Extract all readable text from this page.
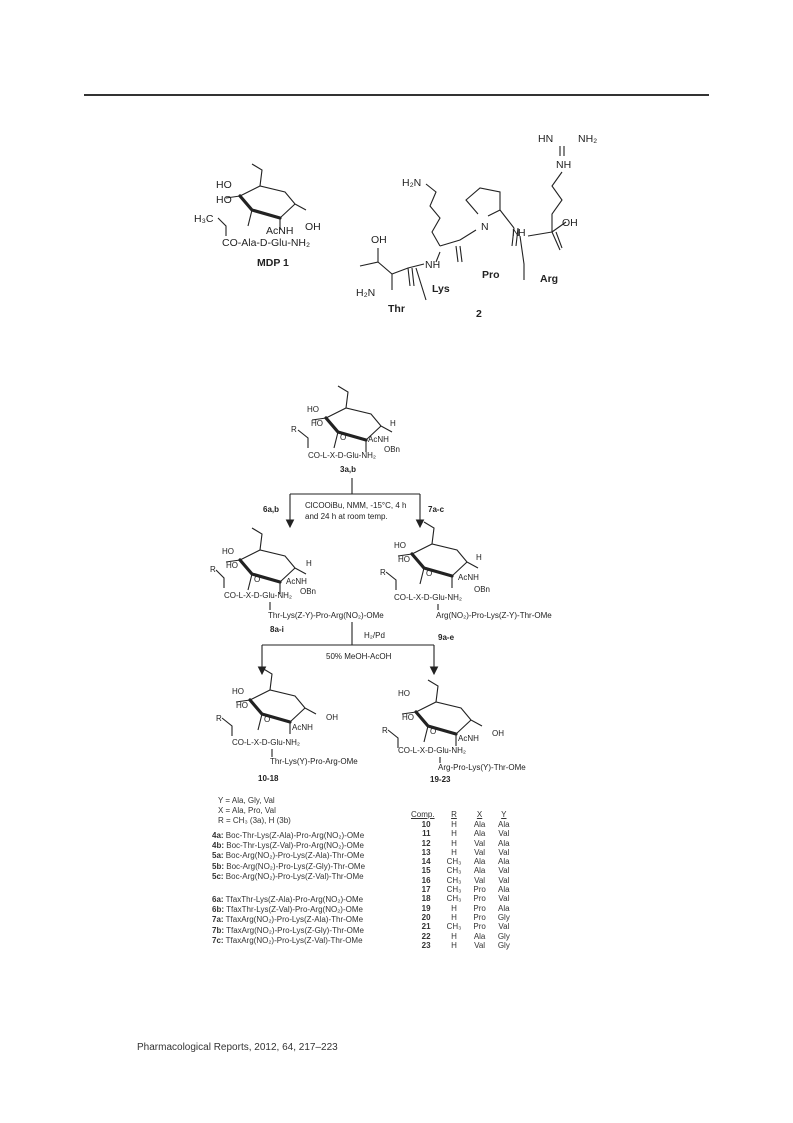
HO
HO
OH
H₃C
AcNH
CO-Ala-D-Glu-NH₂
MDP 1
HN NH₂
NH
OH
N
H
N
H₂N
NH
OH
H₂N
Thr
Lys
Pro	Arg
2
HO
HO
R
O	AcNH
H
OBn
CO-L-X-D-Glu-NH₂
3a,b
6a,b	7a-c
ClCOOiBu, NMM, -15°C, 4 h
and 24 h at room temp.
HO
HO
R
O	AcNH
H
OBn
CO-L-X-D-Glu-NH₂
Thr-Lys(Z-Y)-Pro-Arg(NO₂)-OMe
8a-i
HO
HO
R	O	AcNH
H
OBn
CO-L-X-D-Glu-NH₂
Arg(NO₂)-Pro-Lys(Z-Y)-Thr-OMe
9a-e
H₂/Pd
50% MeOH-AcOH
HO
HO
R	O
AcNH
OH
CO-L-X-D-Glu-NH₂
Thr-Lys(Y)-Pro-Arg-OMe
10-18
HO
HO
R	O
AcNH
OH
CO-L-X-D-Glu-NH₂
Arg-Pro-Lys(Y)-Thr-OMe
19-23
Y = Ala, Gly, Val
X = Ala, Pro, Val
R = CH₃ (3a), H (3b)
4a: Boc-Thr-Lys(Z-Ala)-Pro-Arg(NO₂)-OMe
4b: Boc-Thr-Lys(Z-Val)-Pro-Arg(NO₂)-OMe
5a: Boc-Arg(NO₂)-Pro-Lys(Z-Ala)-Thr-OMe
5b: Boc-Arg(NO₂)-Pro-Lys(Z-Gly)-Thr-OMe
5c: Boc-Arg(NO₂)-Pro-Lys(Z-Val)-Thr-OMe
6a: TfaxThr-Lys(Z-Ala)-Pro-Arg(NO₂)-OMe
6b: TfaxThr-Lys(Z-Val)-Pro-Arg(NO₂)-OMe
7a: TfaxArg(NO₂)-Pro-Lys(Z-Ala)-Thr-OMe
7b: TfaxArg(NO₂)-Pro-Lys(Z-Gly)-Thr-OMe
7c: TfaxArg(NO₂)-Pro-Lys(Z-Val)-Thr-OMe
Comp.	R	X	Y
10	H	Ala	Ala
11	H	Ala	Val
12	H	Val	Ala
13	H	Val	Val
14	CH₃	Ala	Ala
15	CH₃	Ala	Val
16	CH₃	Val	Val
17	CH₃	Pro	Ala
18	CH₃	Pro	Val
19	H	Pro	Ala
20	H	Pro	Gly
21	CH₃	Pro	Val
22	H	Ala	Gly
23	H	Val	Gly
Pharmacological Reports, 2012, 64, 217–223
